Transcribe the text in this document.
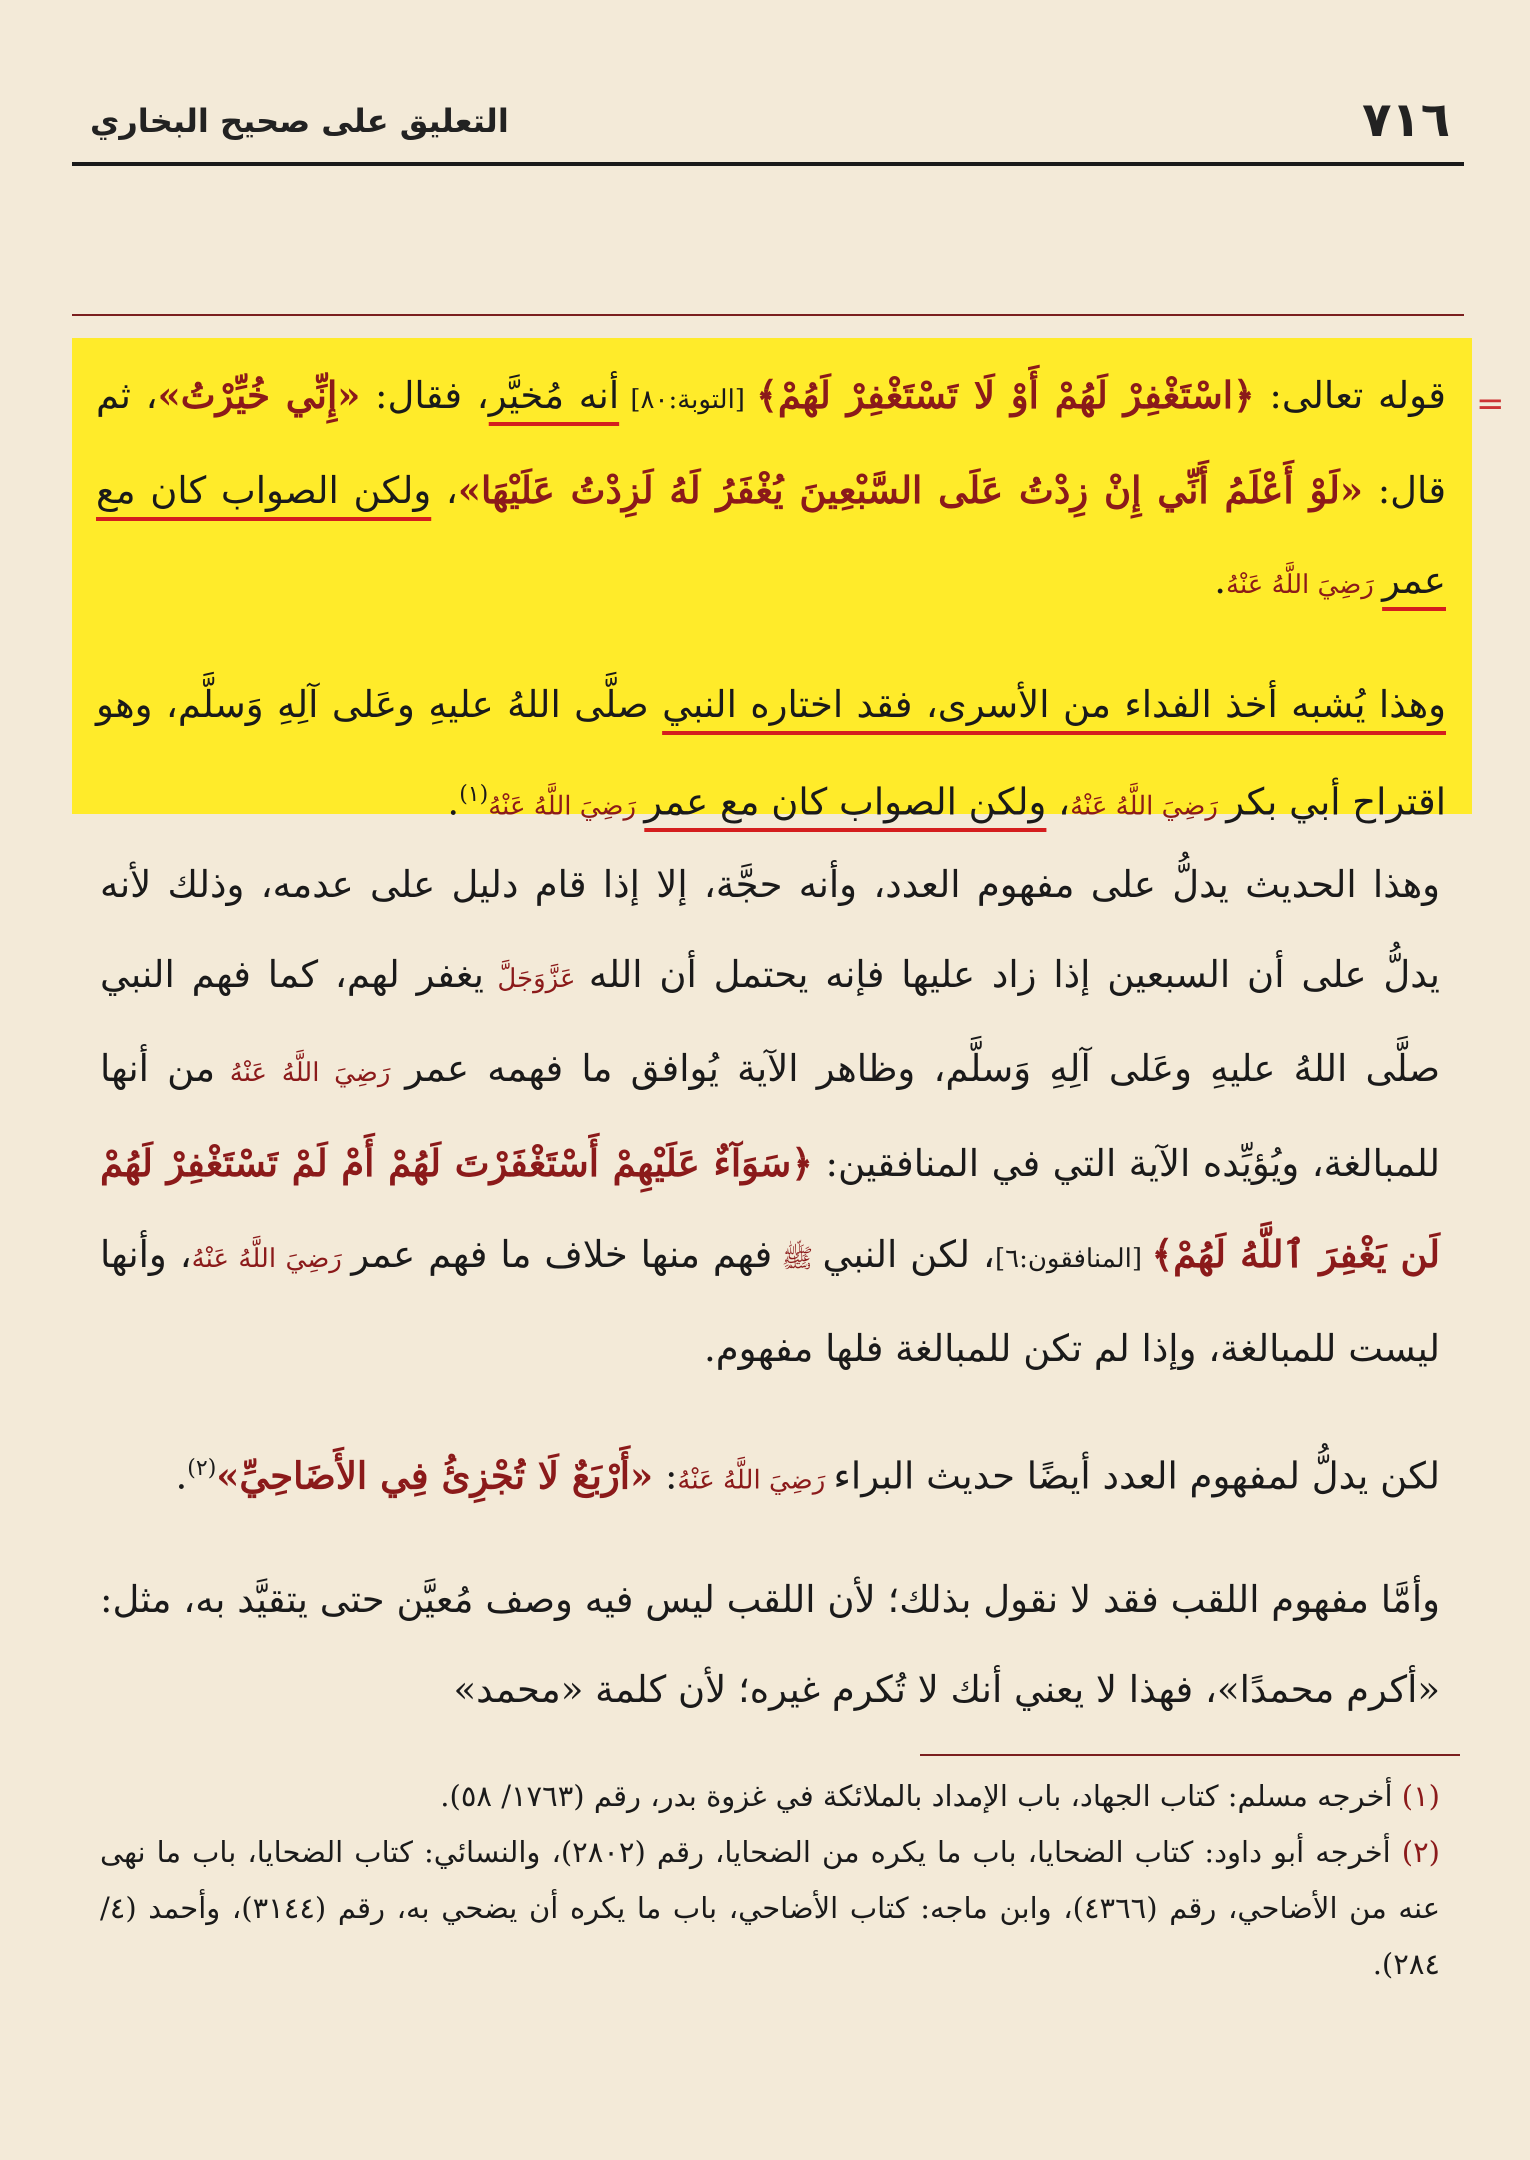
٧١٦
التعليق على صحيح البخاري
=

قوله تعالى: ﴿اسْتَغْفِرْ لَهُمْ أَوْ لَا تَسْتَغْفِرْ لَهُمْ﴾ [التوبة:٨٠] أنه مُخيَّر، فقال: «إِنِّي خُيِّرْتُ»، ثم قال: «لَوْ أَعْلَمُ أَنِّي إِنْ زِدْتُ عَلَى السَّبْعِينَ يُغْفَرُ لَهُ لَزِدْتُ عَلَيْهَا»، ولكن الصواب كان مع عمر رَضِيَ اللَّهُ عَنْهُ.

وهذا يُشبه أخذ الفداء من الأسرى، فقد اختاره النبي صلَّى اللهُ عليهِ وعَلى آلِهِ وَسلَّم، وهو اقتراح أبي بكر رَضِيَ اللَّهُ عَنْهُ، ولكن الصواب كان مع عمر رَضِيَ اللَّهُ عَنْهُ$^{(١)}$.

وهذا الحديث يدلُّ على مفهوم العدد، وأنه حجَّة، إلا إذا قام دليل على عدمه، وذلك لأنه يدلُّ على أن السبعين إذا زاد عليها فإنه يحتمل أن الله عَزَّوَجَلَّ يغفر لهم، كما فهم النبي صلَّى اللهُ عليهِ وعَلى آلِهِ وَسلَّم، وظاهر الآية يُوافق ما فهمه عمر رَضِيَ اللَّهُ عَنْهُ من أنها للمبالغة، ويُؤيِّده الآية التي في المنافقين: ﴿سَوَآءٌ عَلَيْهِمْ أَسْتَغْفَرْتَ لَهُمْ أَمْ لَمْ تَسْتَغْفِرْ لَهُمْ لَن يَغْفِرَ ٱللَّهُ لَهُمْ﴾ [المنافقون:٦]، لكن النبي ﷺ فهم منها خلاف ما فهم عمر رَضِيَ اللَّهُ عَنْهُ، وأنها ليست للمبالغة، وإذا لم تكن للمبالغة فلها مفهوم.

لكن يدلُّ لمفهوم العدد أيضًا حديث البراء رَضِيَ اللَّهُ عَنْهُ: «أَرْبَعٌ لَا تُجْزِئُ فِي الأَضَاحِيِّ»$^{(٢)}$.

وأمَّا مفهوم اللقب فقد لا نقول بذلك؛ لأن اللقب ليس فيه وصف مُعيَّن حتى يتقيَّد به، مثل: «أكرم محمدًا»، فهذا لا يعني أنك لا تُكرم غيره؛ لأن كلمة «محمد»

(١) أخرجه مسلم: كتاب الجهاد، باب الإمداد بالملائكة في غزوة بدر، رقم (١٧٦٣/ ٥٨).

(٢) أخرجه أبو داود: كتاب الضحايا، باب ما يكره من الضحايا، رقم (٢٨٠٢)، والنسائي: كتاب الضحايا، باب ما نهى عنه من الأضاحي، رقم (٤٣٦٦)، وابن ماجه: كتاب الأضاحي، باب ما يكره أن يضحي به، رقم (٣١٤٤)، وأحمد (٤/ ٢٨٤).
